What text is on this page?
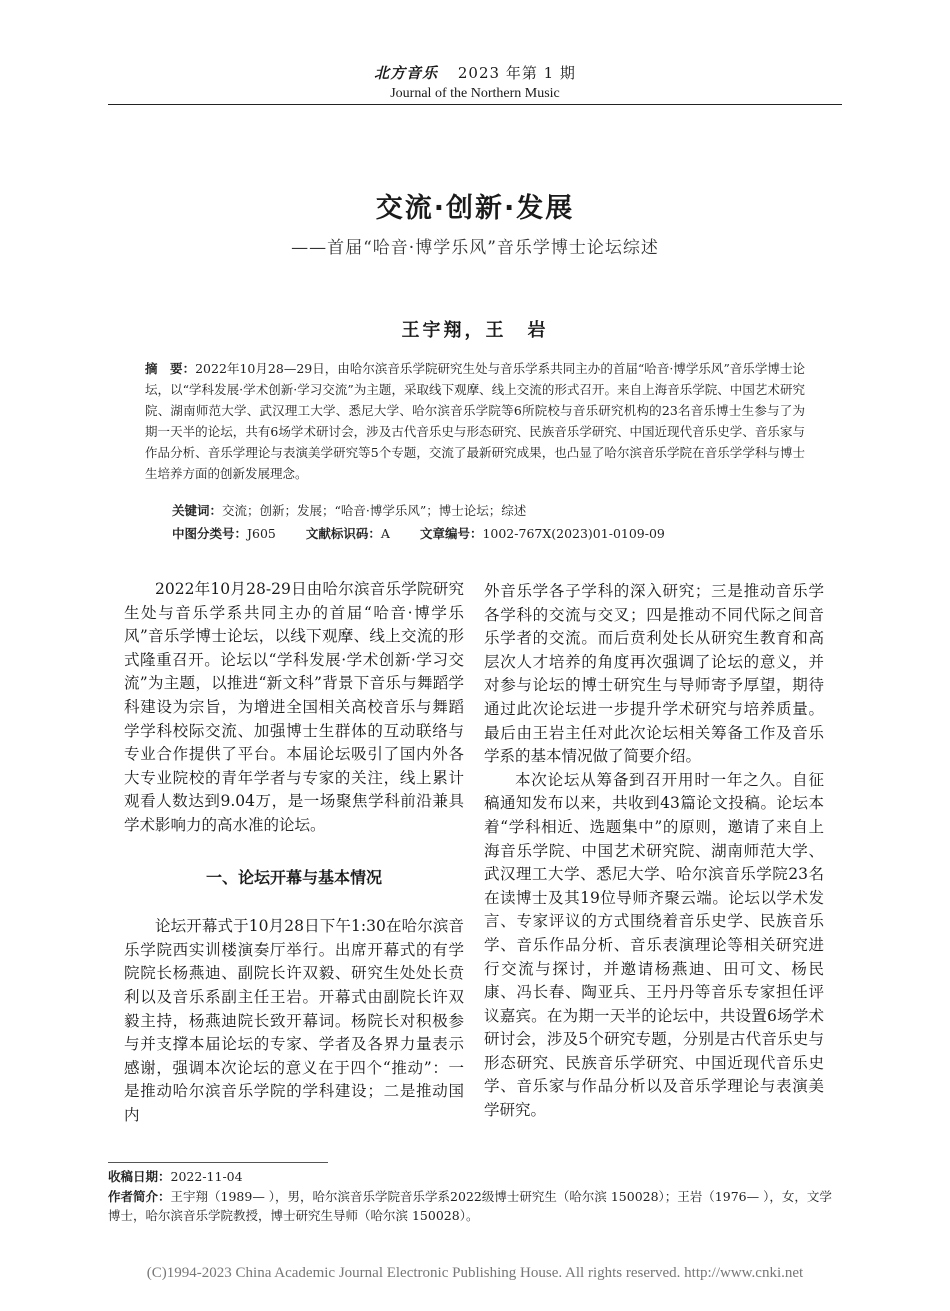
北方音乐 2023 年第 1 期
Journal of the Northern Music
交流·创新·发展
——首届“哈音·博学乐风”音乐学博士论坛综述
王宇翔，王　岩
摘　要：2022年10月28—29日，由哈尔滨音乐学院研究生处与音乐学系共同主办的首届“哈音·博学乐风”音乐学博士论坛，以“学科发展·学术创新·学习交流”为主题，采取线下观摩、线上交流的形式召开。来自上海音乐学院、中国艺术研究院、湖南师范大学、武汉理工大学、悉尼大学、哈尔滨音乐学院等6所院校与音乐研究机构的23名音乐博士生参与了为期一天半的论坛，共有6场学术研讨会，涉及古代音乐史与形态研究、民族音乐学研究、中国近现代音乐史学、音乐家与作品分析、音乐学理论与表演美学研究等5个专题，交流了最新研究成果，也凸显了哈尔滨音乐学院在音乐学学科与博士生培养方面的创新发展理念。
关键词：交流；创新；发展；“哈音·博学乐风”；博士论坛；综述
中图分类号：J605 文献标识码：A 文章编号：1002-767X(2023)01-0109-09

2022年10月28-29日由哈尔滨音乐学院研究生处与音乐学系共同主办的首届“哈音·博学乐风”音乐学博士论坛，以线下观摩、线上交流的形式隆重召开。论坛以“学科发展·学术创新·学习交流”为主题，以推进“新文科”背景下音乐与舞蹈学科建设为宗旨，为增进全国相关高校音乐与舞蹈学学科校际交流、加强博士生群体的互动联络与专业合作提供了平台。本届论坛吸引了国内外各大专业院校的青年学者与专家的关注，线上累计观看人数达到9.04万，是一场聚焦学科前沿兼具学术影响力的高水准的论坛。

一、论坛开幕与基本情况

论坛开幕式于10月28日下午1:30在哈尔滨音乐学院西实训楼演奏厅举行。出席开幕式的有学院院长杨燕迪、副院长许双毅、研究生处处长贲利以及音乐系副主任王岩。开幕式由副院长许双毅主持，杨燕迪院长致开幕词。杨院长对积极参与并支撑本届论坛的专家、学者及各界力量表示感谢，强调本次论坛的意义在于四个“推动”：一是推动哈尔滨音乐学院的学科建设；二是推动国内

外音乐学各子学科的深入研究；三是推动音乐学各学科的交流与交叉；四是推动不同代际之间音乐学者的交流。而后贲利处长从研究生教育和高层次人才培养的角度再次强调了论坛的意义，并对参与论坛的博士研究生与导师寄予厚望，期待通过此次论坛进一步提升学术研究与培养质量。最后由王岩主任对此次论坛相关筹备工作及音乐学系的基本情况做了简要介绍。

本次论坛从筹备到召开用时一年之久。自征稿通知发布以来，共收到43篇论文投稿。论坛本着“学科相近、选题集中”的原则，邀请了来自上海音乐学院、中国艺术研究院、湖南师范大学、武汉理工大学、悉尼大学、哈尔滨音乐学院23名在读博士及其19位导师齐聚云端。论坛以学术发言、专家评议的方式围绕着音乐史学、民族音乐学、音乐作品分析、音乐表演理论等相关研究进行交流与探讨，并邀请杨燕迪、田可文、杨民康、冯长春、陶亚兵、王丹丹等音乐专家担任评议嘉宾。在为期一天半的论坛中，共设置6场学术研讨会，涉及5个研究专题，分别是古代音乐史与形态研究、民族音乐学研究、中国近现代音乐史学、音乐家与作品分析以及音乐学理论与表演美学研究。

收稿日期：2022-11-04
作者简介：王宇翔（1989— ），男，哈尔滨音乐学院音乐学系2022级博士研究生（哈尔滨 150028）；王岩（1976— ），女，文学博士，哈尔滨音乐学院教授，博士研究生导师（哈尔滨 150028）。
(C)1994-2023 China Academic Journal Electronic Publishing House. All rights reserved. http://www.cnki.net
